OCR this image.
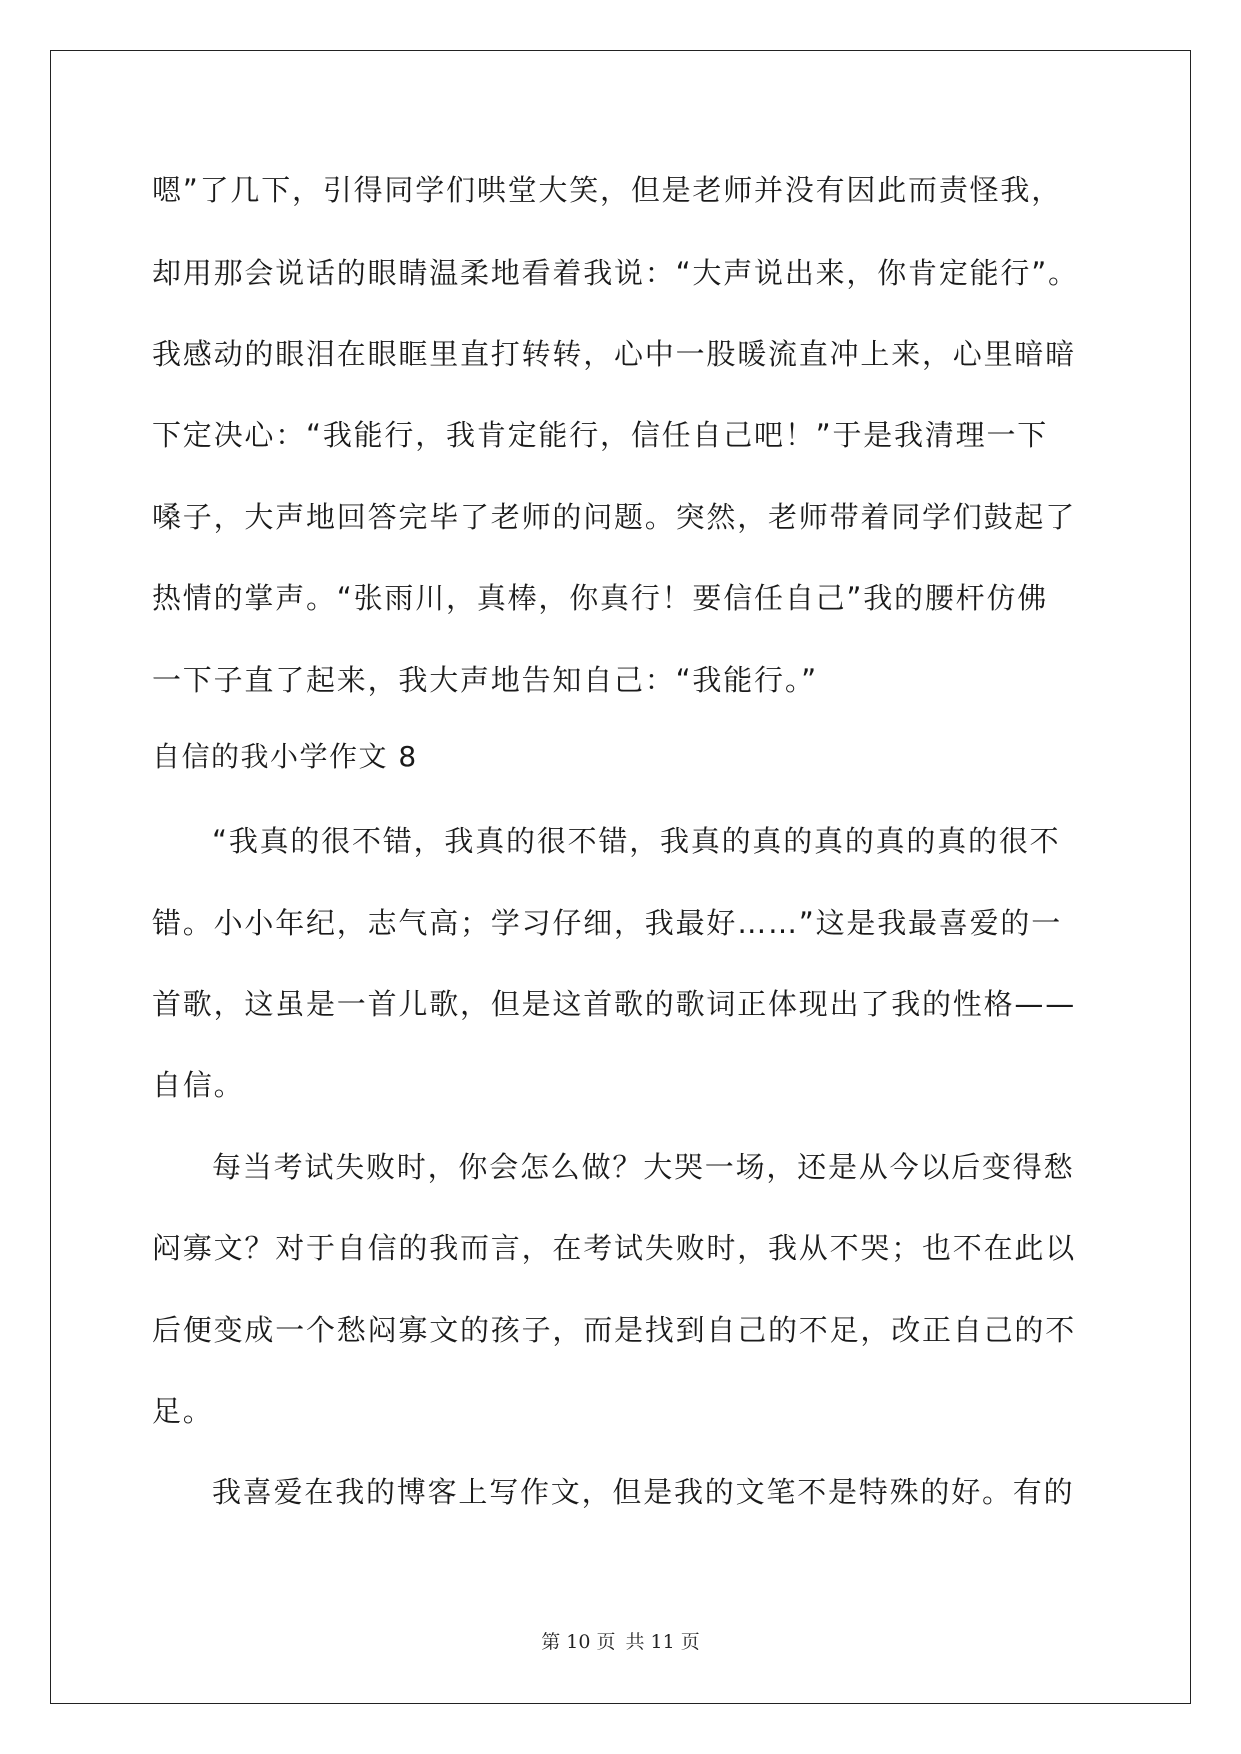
嗯”了几下，引得同学们哄堂大笑，但是老师并没有因此而责怪我，
却用那会说话的眼睛温柔地看着我说：“大声说出来，你肯定能行”。
我感动的眼泪在眼眶里直打转转，心中一股暖流直冲上来，心里暗暗
下定决心：“我能行，我肯定能行，信任自己吧！”于是我清理一下
嗓子，大声地回答完毕了老师的问题。突然，老师带着同学们鼓起了
热情的掌声。“张雨川，真棒，你真行！要信任自己”我的腰杆仿佛
一下子直了起来，我大声地告知自己：“我能行。”
自信的我小学作文 8
“我真的很不错，我真的很不错，我真的真的真的真的真的很不
错。小小年纪，志气高；学习仔细，我最好……”这是我最喜爱的一
首歌，这虽是一首儿歌，但是这首歌的歌词正体现出了我的性格——
自信。
每当考试失败时，你会怎么做？大哭一场，还是从今以后变得愁
闷寡文？对于自信的我而言，在考试失败时，我从不哭；也不在此以
后便变成一个愁闷寡文的孩子，而是找到自己的不足，改正自己的不
足。
我喜爱在我的博客上写作文，但是我的文笔不是特殊的好。有的
第 10 页 共 11 页
